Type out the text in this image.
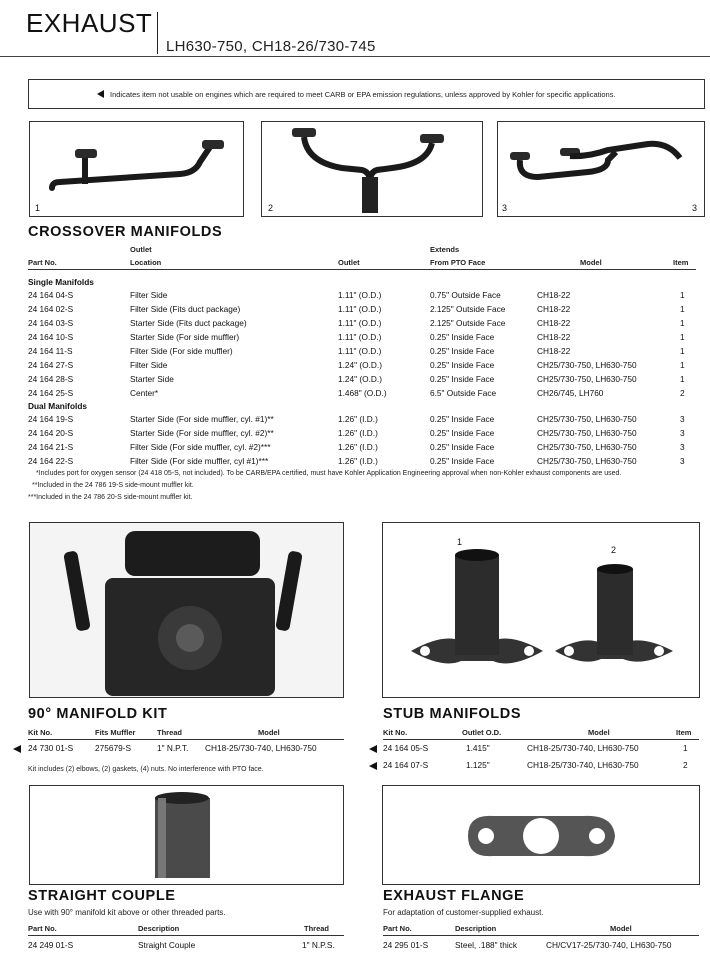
EXHAUST
LH630-750, CH18-26/730-745
Indicates item not usable on engines which are required to meet CARB or EPA emission regulations, unless approved by Kohler for specific applications.
1	2	3	3
CROSSOVER MANIFOLDS
Outlet	Extends
Part No.	Location	Outlet	From PTO Face	Model	Item
Single Manifolds
24 164 04-S	Filter Side	1.11" (O.D.)	0.75" Outside Face	CH18-22	1
24 164 02-S	Filter Side (Fits duct package)	1.11" (O.D.)	2.125" Outside Face	CH18-22	1
24 164 03-S	Starter Side (Fits duct package)	1.11" (O.D.)	2.125" Outside Face	CH18-22	1
24 164 10-S	Starter Side (For side muffler)	1.11" (O.D.)	0.25" Inside Face	CH18-22	1
24 164 11-S	Filter Side (For side muffler)	1.11" (O.D.)	0.25" Inside Face	CH18-22	1
24 164 27-S	Filter Side	1.24" (O.D.)	0.25" Inside Face	CH25/730-750, LH630-750	1
24 164 28-S	Starter Side	1.24" (O.D.)	0.25" Inside Face	CH25/730-750, LH630-750	1
24 164 25-S	Center*	1.468" (O.D.)	6.5" Outside Face	CH26/745, LH760	2
Dual Manifolds
24 164 19-S	Starter Side (For side muffler, cyl. #1)**	1.26" (I.D.)	0.25" Inside Face	CH25/730-750, LH630-750	3
24 164 20-S	Starter Side (For side muffler, cyl. #2)**	1.26" (I.D.)	0.25" Inside Face	CH25/730-750, LH630-750	3
24 164 21-S	Filter Side (For side muffler, cyl. #2)***	1.26" (I.D.)	0.25" Inside Face	CH25/730-750, LH630-750	3
24 164 22-S	Filter Side (For side muffler, cyl #1)***	1.26" (I.D.)	0.25" Inside Face	CH25/730-750, LH630-750	3
*Includes port for oxygen sensor (24 418 05-S, not included). To be CARB/EPA certified, must have Kohler Application Engineering approval when non-Kohler exhaust components are used.
**Included in the 24 786 19-S side-mount muffler kit.
***Included in the 24 786 20-S side-mount muffler kit.
90° MANIFOLD KIT
Kit No.	Fits Muffler	Thread	Model
24 730 01-S	275679-S	1" N.P.T. CH18-25/730-740, LH630-750
Kit includes (2) elbows, (2) gaskets, (4) nuts. No interference with PTO face.
1
2
STUB MANIFOLDS
Kit No.	Outlet O.D.	Model	Item
24 164 05-S	1.415"	CH18-25/730-740, LH630-750	1
24 164 07-S	1.125"	CH18-25/730-740, LH630-750	2
STRAIGHT COUPLE
Use with 90° manifold kit above or other threaded parts.
Part No.	Description	Thread
24 249 01-S	Straight Couple	1" N.P.S.
EXHAUST FLANGE
For adaptation of customer-supplied exhaust.
Part No.	Description	Model
24 295 01-S	Steel, .188" thick	CH/CV17-25/730-740, LH630-750
